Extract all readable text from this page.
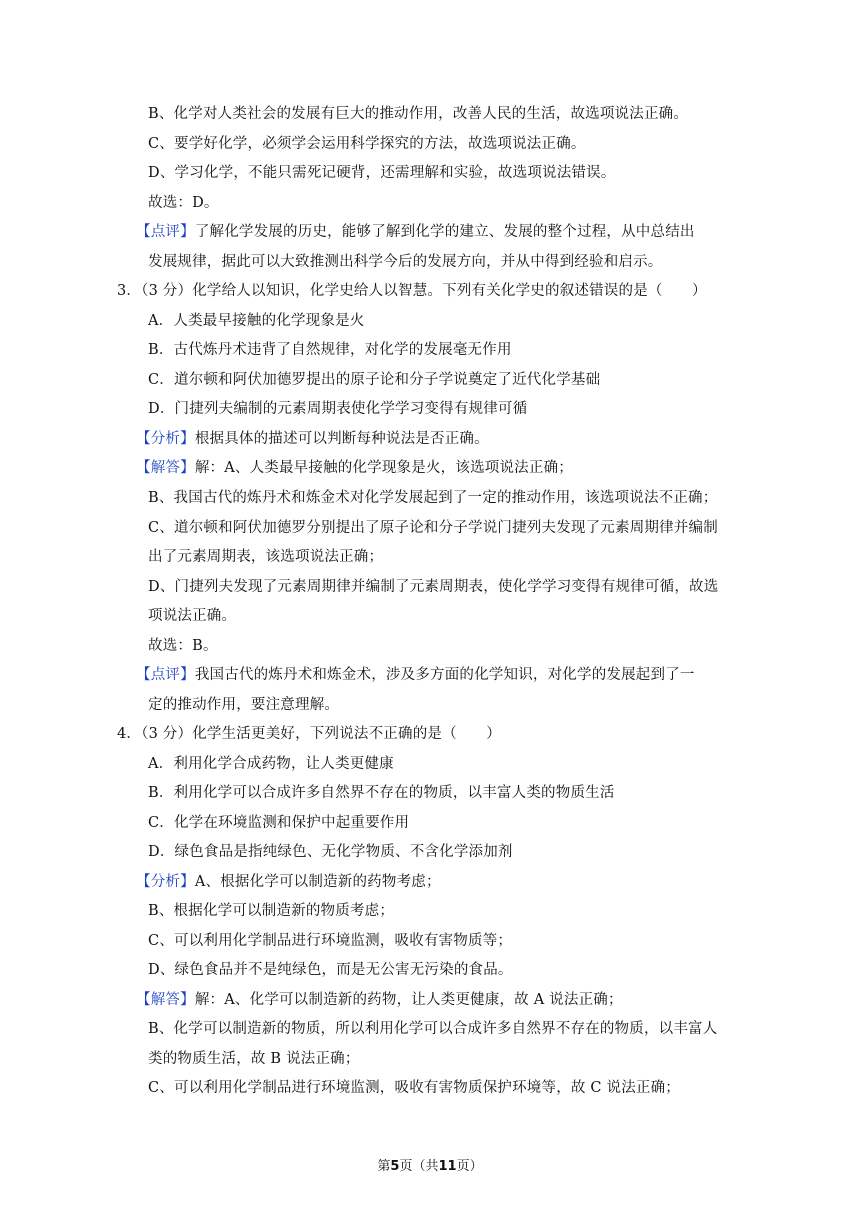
B、化学对人类社会的发展有巨大的推动作用，改善人民的生活，故选项说法正确。
C、要学好化学，必须学会运用科学探究的方法，故选项说法正确。
D、学习化学，不能只需死记硬背，还需理解和实验，故选项说法错误。
故选：D。
【点评】了解化学发展的历史，能够了解到化学的建立、发展的整个过程，从中总结出
发展规律，据此可以大致推测出科学今后的发展方向，并从中得到经验和启示。
3．（3 分）化学给人以知识，化学史给人以智慧。下列有关化学史的叙述错误的是（　　）
A．人类最早接触的化学现象是火
B．古代炼丹术违背了自然规律，对化学的发展毫无作用
C．道尔顿和阿伏加德罗提出的原子论和分子学说奠定了近代化学基础
D．门捷列夫编制的元素周期表使化学学习变得有规律可循
【分析】根据具体的描述可以判断每种说法是否正确。
【解答】解：A、人类最早接触的化学现象是火，该选项说法正确；
B、我国古代的炼丹术和炼金术对化学发展起到了一定的推动作用，该选项说法不正确；
C、道尔顿和阿伏加德罗分别提出了原子论和分子学说门捷列夫发现了元素周期律并编制
出了元素周期表，该选项说法正确；
D、门捷列夫发现了元素周期律并编制了元素周期表，使化学学习变得有规律可循，故选
项说法正确。
故选：B。
【点评】我国古代的炼丹术和炼金术，涉及多方面的化学知识，对化学的发展起到了一
定的推动作用，要注意理解。
4．（3 分）化学生活更美好，下列说法不正确的是（　　）
A．利用化学合成药物，让人类更健康
B．利用化学可以合成许多自然界不存在的物质，以丰富人类的物质生活
C．化学在环境监测和保护中起重要作用
D．绿色食品是指纯绿色、无化学物质、不含化学添加剂
【分析】A、根据化学可以制造新的药物考虑；
B、根据化学可以制造新的物质考虑；
C、可以利用化学制品进行环境监测，吸收有害物质等；
D、绿色食品并不是纯绿色，而是无公害无污染的食品。
【解答】解：A、化学可以制造新的药物，让人类更健康，故 A 说法正确；
B、化学可以制造新的物质，所以利用化学可以合成许多自然界不存在的物质，以丰富人
类的物质生活，故 B 说法正确；
C、可以利用化学制品进行环境监测，吸收有害物质保护环境等，故 C 说法正确；
第5页（共11页）
